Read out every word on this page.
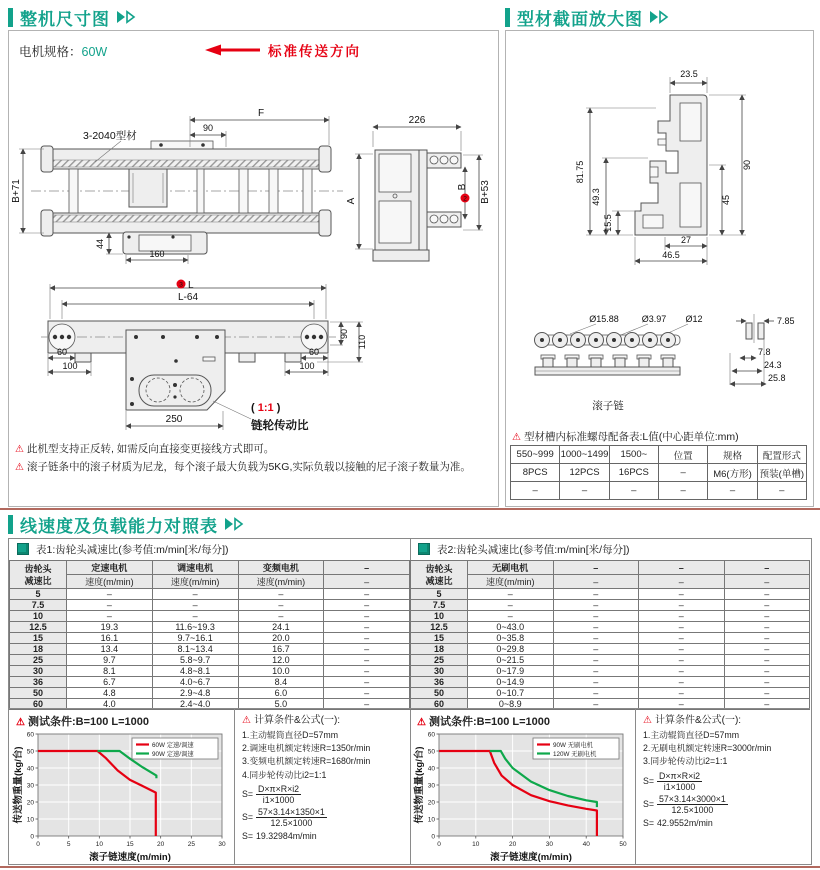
整机尺寸图
电机规格：60W	标准传送方向
F
90
3-2040型材
B+71
44
160
226
A	B+53
B
2
3 L
L-64
60
100
60
100
90
110
250
( 1:1 )
链轮传动比
⚠ 此机型支持正反转, 如需反向直接变更接线方式即可。
⚠ 滚子链条中的滚子材质为尼龙，每个滚子最大负载为5KG,实际负载以接触的尼子滚子数量为准。
型材截面放大图
23.5
90
45
81.75
49.3
15.5
27
46.5
Ø15.88	Ø3.97 Ø12
滚子链
7.85
7.8
24.3
25.8
⚠ 型材槽内标准螺母配备表:L值(中心距单位:mm)
550~999	1000~1499	1500~	位置	规格	配置形式
8PCS	12PCS	16PCS	–	M6(方形)	预装(单槽)
–	–	–	–	–	–
线速度及负载能力对照表
表1:齿轮头减速比(参考值:m/min[米/每分])
齿轮头
减速比	定速电机	调速电机	变频电机	–
	速度(m/min)	速度(m/min)	速度(m/min)	–
5	–	–	–	–
7.5	–	–	–	–
10	–	–	–	–
12.5	19.3	11.6~19.3	24.1	–
15	16.1	9.7~16.1	20.0	–
18	13.4	8.1~13.4	16.7	–
25	9.7	5.8~9.7	12.0	–
30	8.1	4.8~8.1	10.0	–
36	6.7	4.0~6.7	8.4	–
50	4.8	2.9~4.8	6.0	–
60	4.0	2.4~4.0	5.0	–
⚠ 测试条件:B=100 L=1000
0	5	10	15	20	25	30
0
10
20
30
40
50
60
60W 定速/调速
90W 定速/调速
滚子链速度(m/min)
传送物重量(kg/台)
⚠ 计算条件&公式(一):
1.主动辊筒直径D=57mm
2.调速电机额定转速R=1350r/min
3.变频电机额定转速R=1680r/min
4.同步轮传动比i2=1:1
$S= \frac{D\times\pi\times R\times i2}{i1\times 1000}$
$S= \frac{57\times 3.14\times 1350\times 1}{12.5\times 1000}$
S= 19.32984m/min
表2:齿轮头减速比(参考值:m/min[米/每分])
齿轮头
减速比	无刷电机	–	–	–
	速度(m/min)	–	–	–
5	–	–	–	–
7.5	–	–	–	–
10	–	–	–	–
12.5	0~43.0	–	–	–
15	0~35.8	–	–	–
18	0~29.8	–	–	–
25	0~21.5	–	–	–
30	0~17.9	–	–	–
36	0~14.9	–	–	–
50	0~10.7	–	–	–
60	0~8.9	–	–	–
⚠ 测试条件:B=100 L=1000
0	10	20	30	40	50
0
10
20
30
40
50
60
90W 无刷电机
120W 无刷电机
滚子链速度(m/min)
传送物重量(kg/台)
⚠ 计算条件&公式(一):
1.主动辊筒直径D=57mm
2.无刷电机额定转速R=3000r/min
3.同步轮传动比i2=1:1
$S= \frac{D\times\pi\times R\times i2}{i1\times 1000}$
$S= \frac{57\times 3.14\times 3000\times 1}{12.5\times 1000}$
S= 42.9552m/min
